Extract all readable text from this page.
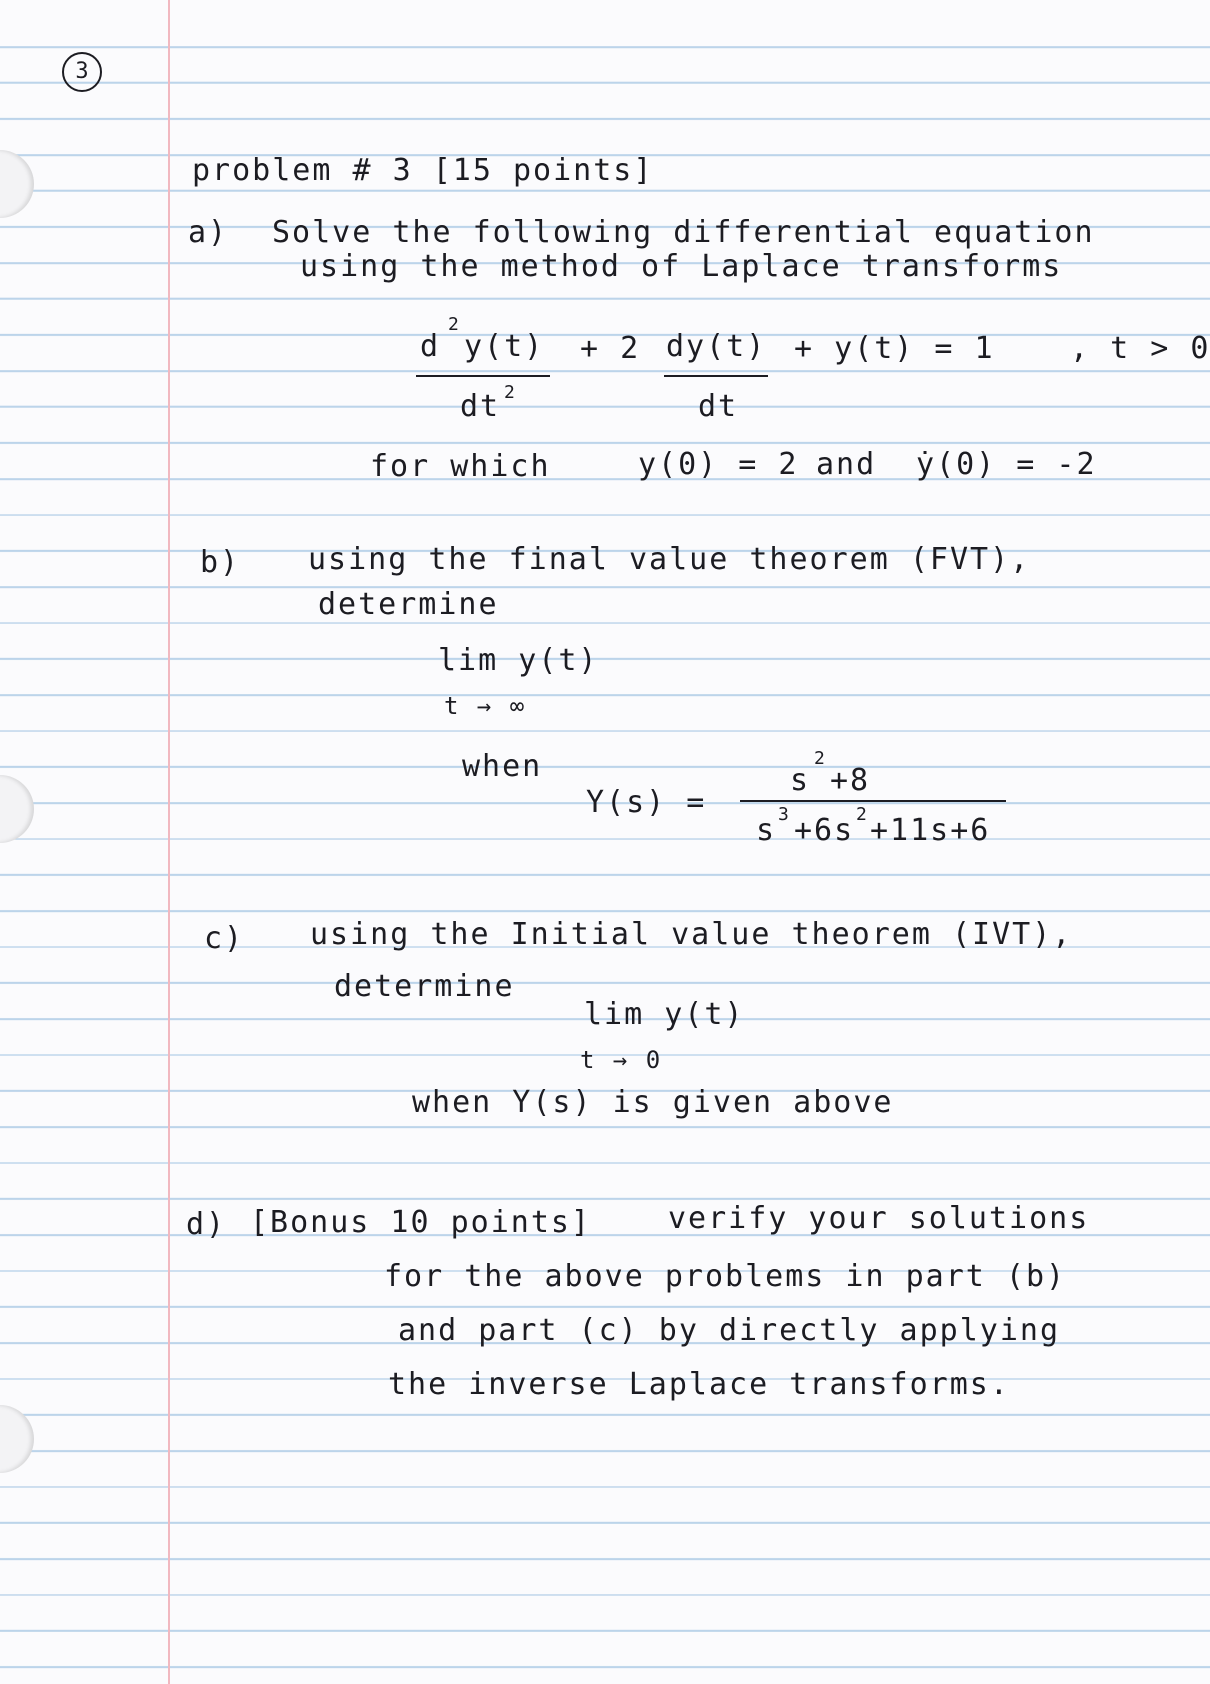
3
problem # 3 [15 points]
a) Solve the following differential equation
using the method of Laplace transforms
d
2
y(t) + 2 dy(t) + y(t) = 1	, t > 0
dt 2	dt
for which	y(0) = 2 and ẏ(0) = -2
b) using the final value theorem (FVT),
determine
lim y(t)
t → ∞
when
Y(s) =
s
2
+8
s 3 +6s 2 +11s+6
c) using the Initial value theorem (IVT),
determine
lim y(t)
t → 0
when Y(s) is given above
d) [Bonus 10 points]	verify your solutions
for the above problems in part (b)
and part (c) by directly applying
the inverse Laplace transforms.
